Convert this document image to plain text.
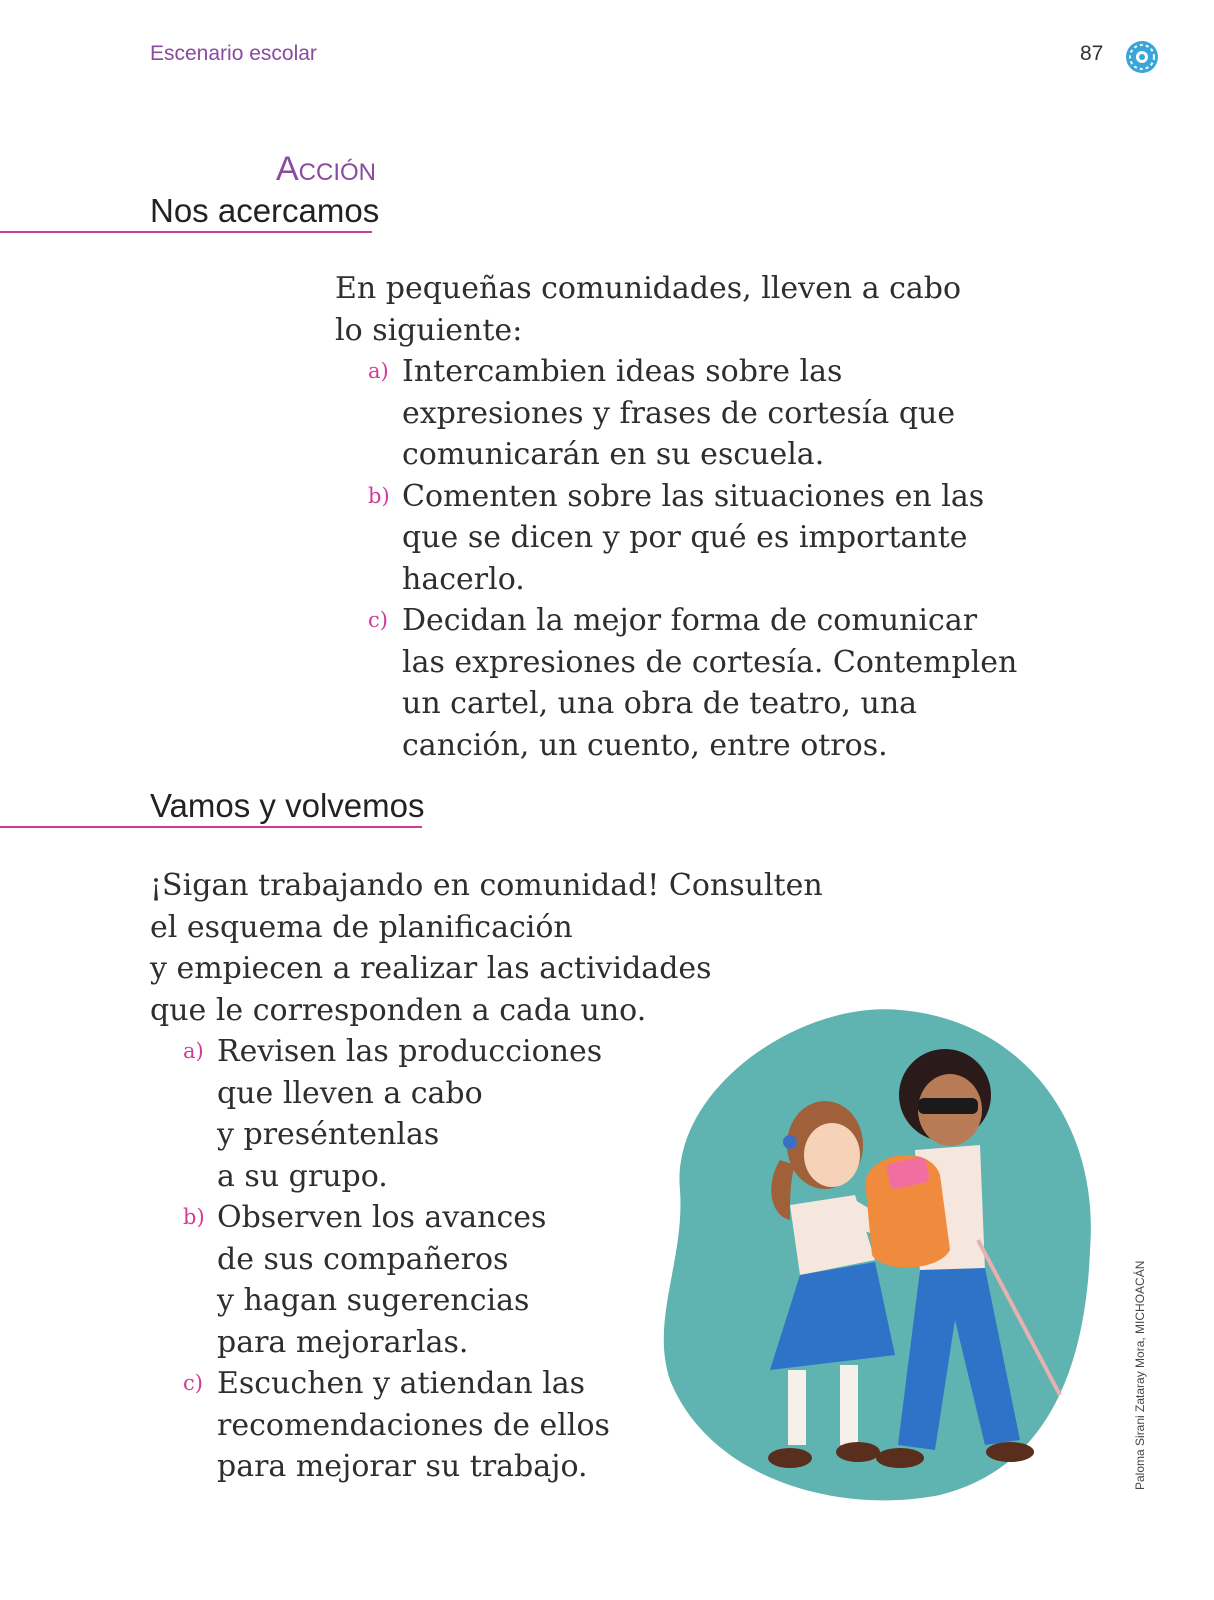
Escenario escolar	87
Acción
Nos acercamos

En pequeñas comunidades, lleven a cabo
lo siguiente:

a) Intercambien ideas sobre las
expresiones y frases de cortesía que
comunicarán en su escuela.
b) Comenten sobre las situaciones en las
que se dicen y por qué es importante
hacerlo.
c) Decidan la mejor forma de comunicar
las expresiones de cortesía. Contemplen
un cartel, una obra de teatro, una
canción, un cuento, entre otros.
Vamos y volvemos

¡Sigan trabajando en comunidad! Consulten
el esquema de planificación
y empiecen a realizar las actividades
que le corresponden a cada uno.

a) Revisen las producciones
que lleven a cabo
y preséntenlas
a su grupo.
b) Observen los avances
de sus compañeros
y hagan sugerencias
para mejorarlas.
c) Escuchen y atiendan las
recomendaciones de ellos
para mejorar su trabajo.	Paloma Sirani Zataray Mora, MICHOACÁN
